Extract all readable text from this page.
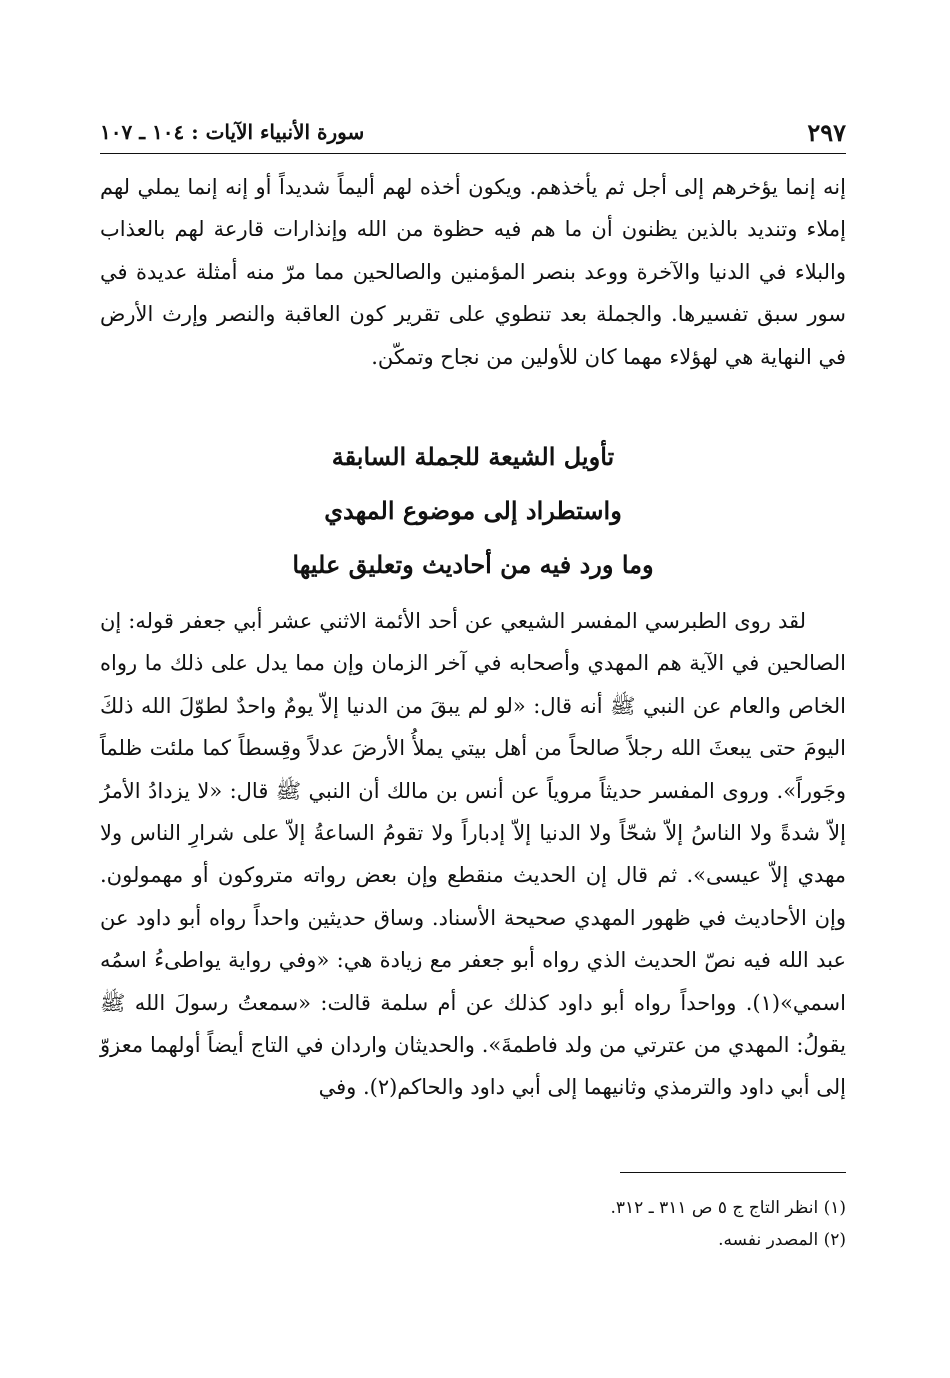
سورة الأنبياء الآيات : ١٠٤ ـ ١٠٧	٢٩٧
إنه إنما يؤخرهم إلى أجل ثم يأخذهم. ويكون أخذه لهم أليماً شديداً أو إنه إنما يملي لهم إملاء وتنديد بالذين يظنون أن ما هم فيه حظوة من الله وإنذارات قارعة لهم بالعذاب والبلاء في الدنيا والآخرة ووعد بنصر المؤمنين والصالحين مما مرّ منه أمثلة عديدة في سور سبق تفسيرها. والجملة بعد تنطوي على تقرير كون العاقبة والنصر وإرث الأرض في النهاية هي لهؤلاء مهما كان للأولين من نجاح وتمكّن.
تأويل الشيعة للجملة السابقة
واستطراد إلى موضوع المهدي
وما ورد فيه من أحاديث وتعليق عليها
لقد روى الطبرسي المفسر الشيعي عن أحد الأئمة الاثني عشر أبي جعفر قوله: إن الصالحين في الآية هم المهدي وأصحابه في آخر الزمان وإن مما يدل على ذلك ما رواه الخاص والعام عن النبي ﷺ أنه قال: «لو لم يبقَ من الدنيا إلاّ يومٌ واحدٌ لطوّلَ الله ذلكَ اليومَ حتى يبعثَ الله رجلاً صالحاً من أهل بيتي يملأُ الأرضَ عدلاً وقِسطاً كما ملئت ظلماً وجَوراً». وروى المفسر حديثاً مروياً عن أنس بن مالك أن النبي ﷺ قال: «لا يزدادُ الأمرُ إلاّ شدةً ولا الناسُ إلاّ شحّاً ولا الدنيا إلاّ إدباراً ولا تقومُ الساعةُ إلاّ على شرارِ الناس ولا مهدي إلاّ عيسى». ثم قال إن الحديث منقطع وإن بعض رواته متروكون أو مهمولون. وإن الأحاديث في ظهور المهدي صحيحة الأسناد. وساق حديثين واحداً رواه أبو داود عن عبد الله فيه نصّ الحديث الذي رواه أبو جعفر مع زيادة هي: «وفي رواية يواطىءُ اسمُه اسمي»(١). وواحداً رواه أبو داود كذلك عن أم سلمة قالت: «سمعتُ رسولَ الله ﷺ يقولُ: المهدي من عترتي من ولد فاطمةَ». والحديثان واردان في التاج أيضاً أولهما معزوّ إلى أبي داود والترمذي وثانيهما إلى أبي داود والحاكم(٢). وفي
(١) انظر التاج ج ٥ ص ٣١١ ـ ٣١٢.
(٢) المصدر نفسه.
